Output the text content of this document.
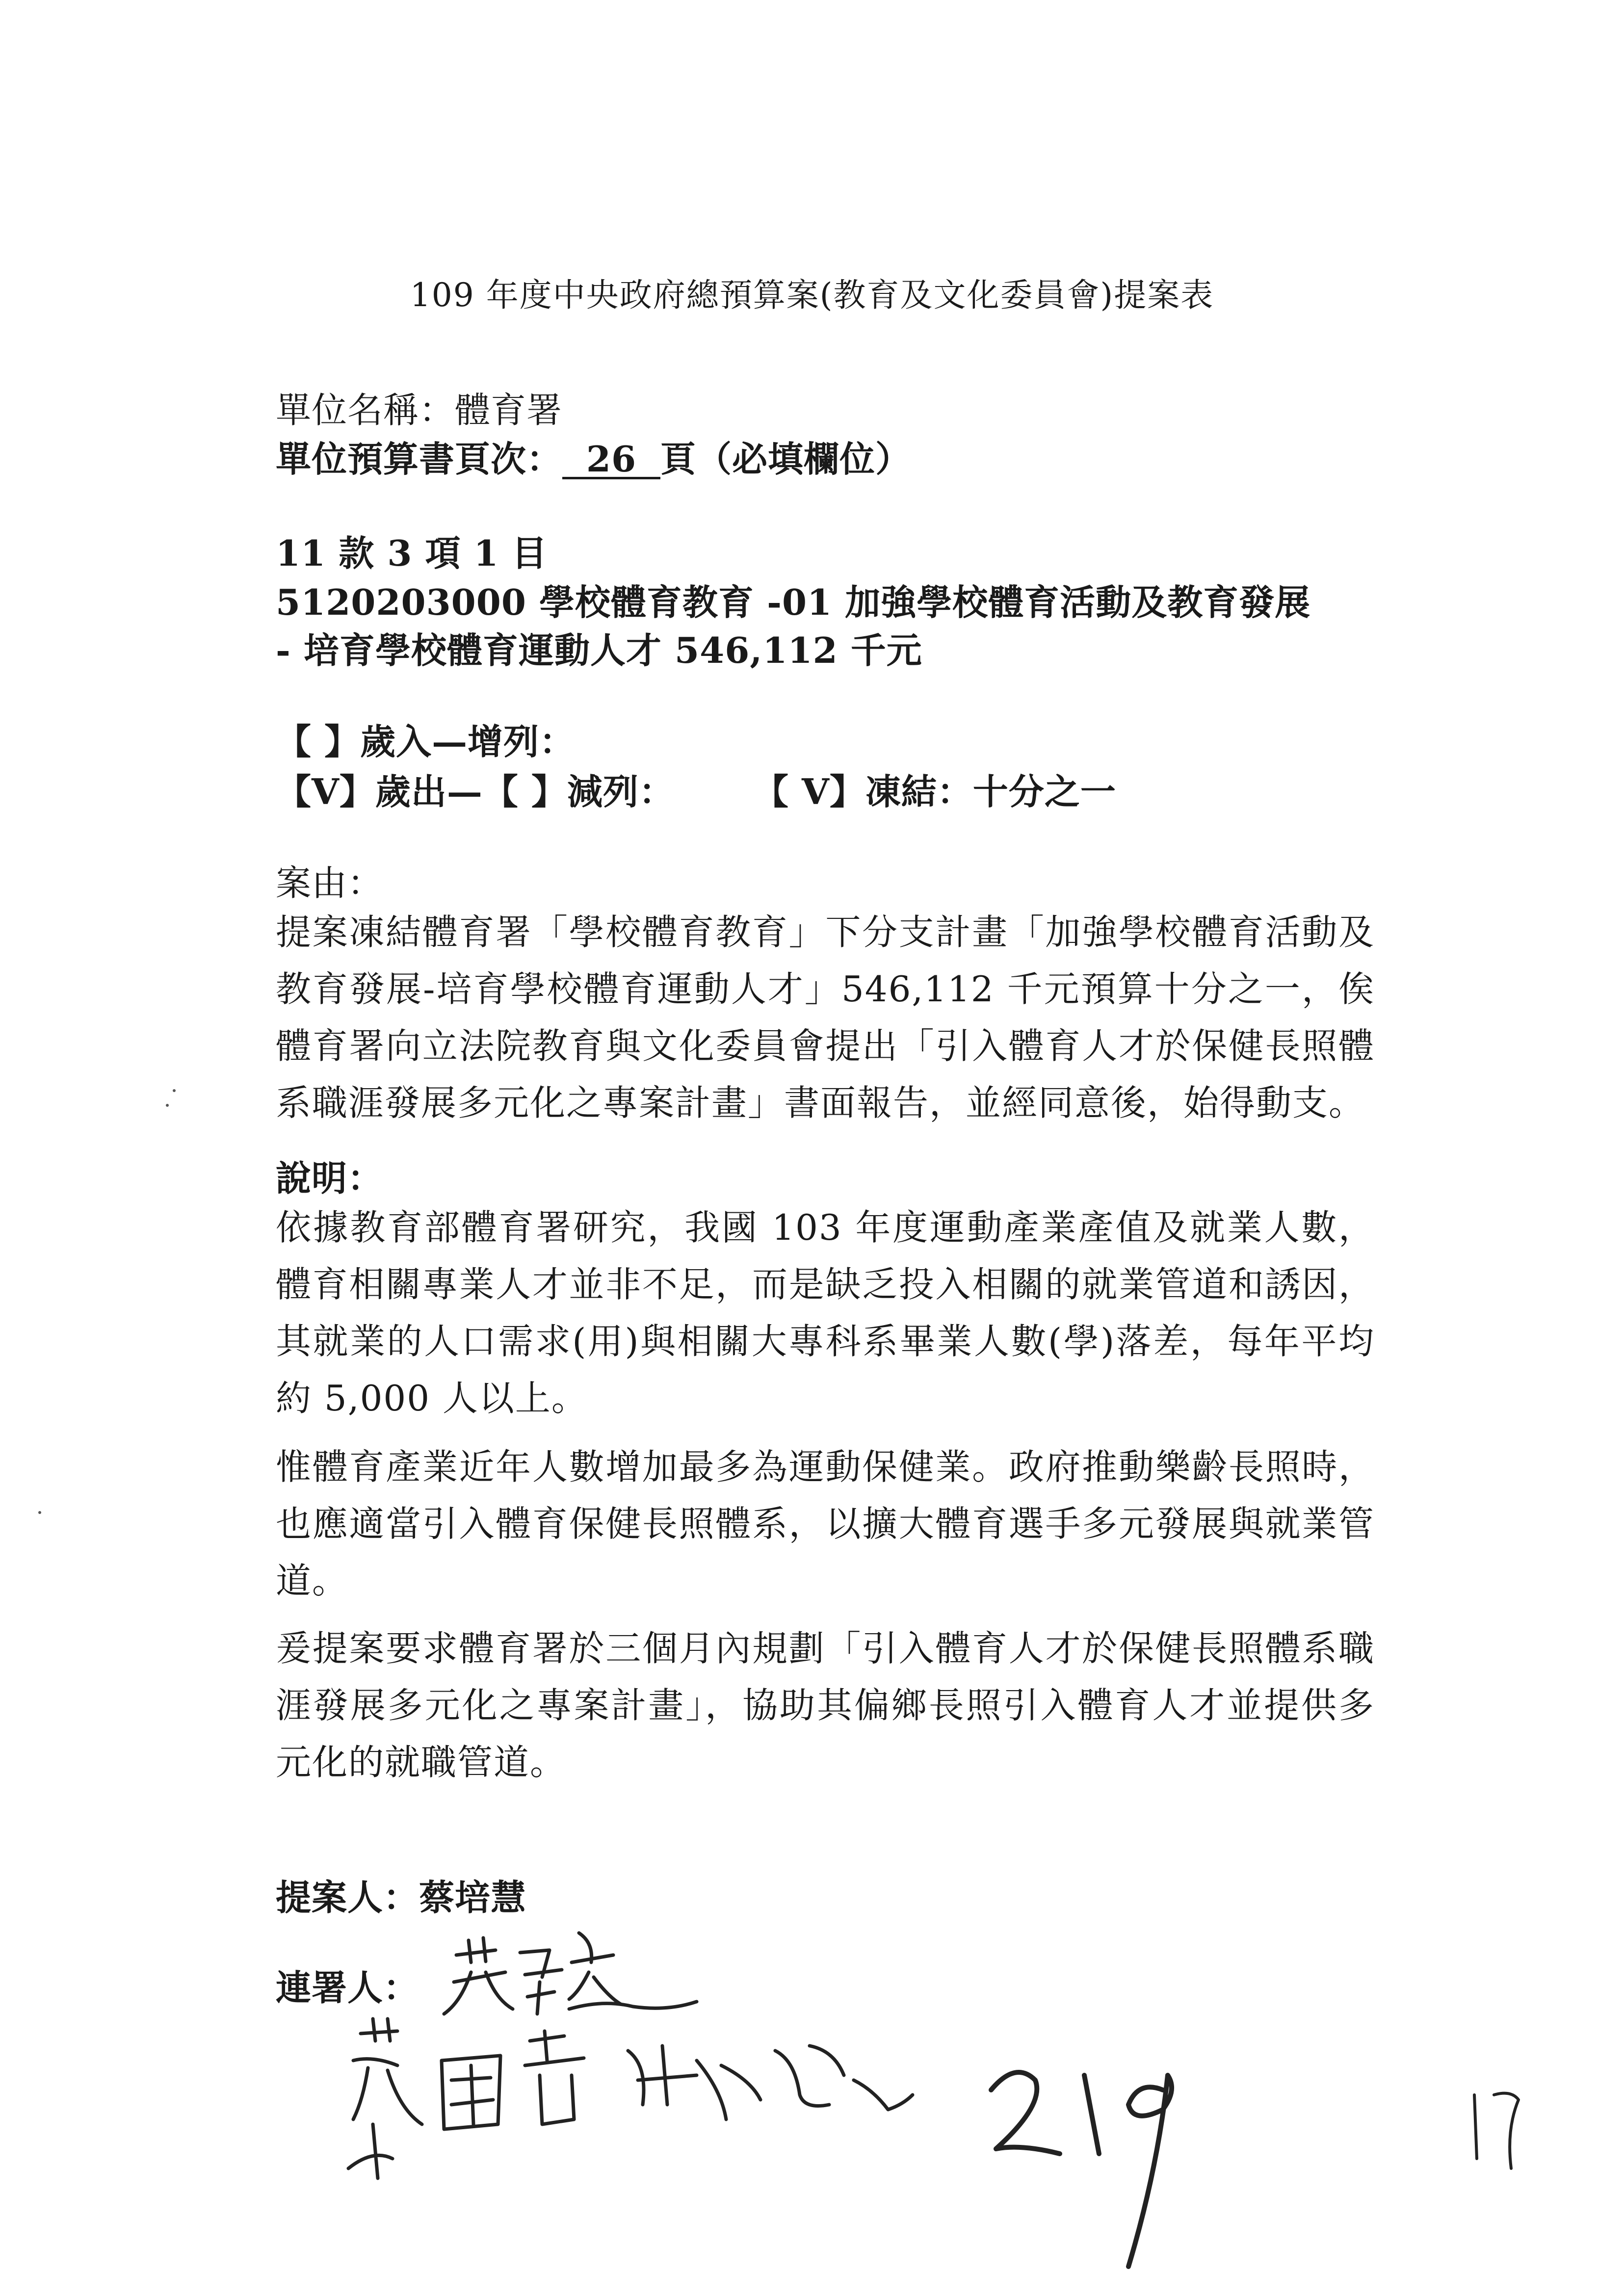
109 年度中央政府總預算案(教育及文化委員會)提案表
單位名稱：體育署
單位預算書頁次： 26 頁（必填欄位）
11 款 3 項 1 目
5120203000 學校體育教育 -01 加強學校體育活動及教育發展
- 培育學校體育運動人才 546,112 千元
【 】歲入—增列：
【V】歲出—【 】減列： 【 V】凍結：十分之一
案由：
提案凍結體育署「學校體育教育」下分支計畫「加強學校體育活動及教育發展-培育學校體育運動人才」546,112 千元預算十分之一，俟體育署向立法院教育與文化委員會提出「引入體育人才於保健長照體系職涯發展多元化之專案計畫」書面報告，並經同意後，始得動支。
說明：
依據教育部體育署研究，我國 103 年度運動產業產值及就業人數，體育相關專業人才並非不足，而是缺乏投入相關的就業管道和誘因，其就業的人口需求(用)與相關大專科系畢業人數(學)落差，每年平均約 5,000 人以上。
惟體育產業近年人數增加最多為運動保健業。政府推動樂齡長照時，也應適當引入體育保健長照體系，以擴大體育選手多元發展與就業管道。
爰提案要求體育署於三個月內規劃「引入體育人才於保健長照體系職涯發展多元化之專案計畫」，協助其偏鄉長照引入體育人才並提供多元化的就職管道。
提案人：蔡培慧
連署人：
